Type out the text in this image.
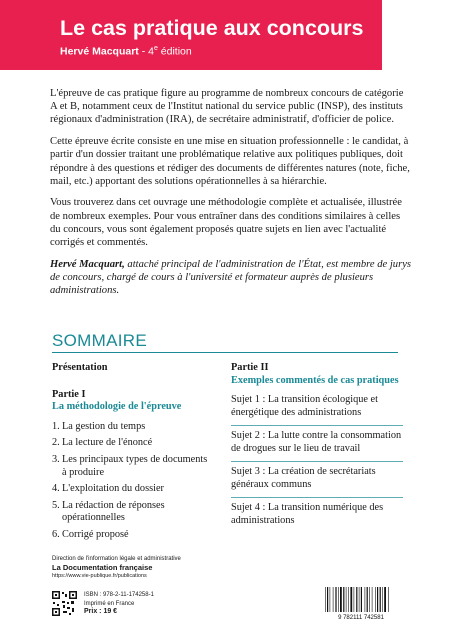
Le cas pratique aux concours
Hervé Macquart - 4e édition

L'épreuve de cas pratique figure au programme de nombreux concours de catégorie A et B, notamment ceux de l'Institut national du service public (INSP), des instituts régionaux d'administration (IRA), de secrétaire administratif, d'officier de police.

Cette épreuve écrite consiste en une mise en situation professionnelle : le candidat, à partir d'un dossier traitant une problématique relative aux politiques publiques, doit répondre à des questions et rédiger des documents de différentes natures (note, fiche, mail, etc.) apportant des solutions opérationnelles à sa hiérarchie.

Vous trouverez dans cet ouvrage une méthodologie complète et actualisée, illustrée de nombreux exemples. Pour vous entraîner dans des conditions similaires à celles du concours, vous sont également proposés quatre sujets en lien avec l'actualité corrigés et commentés.

Hervé Macquart, attaché principal de l'administration de l'État, est membre de jurys de concours, chargé de cours à l'université et formateur auprès de plusieurs administrations.

SOMMAIRE
Présentation
Partie I
La méthodologie de l'épreuve
1. La gestion du temps
2. La lecture de l'énoncé
3. Les principaux types de documents à produire
4. L'exploitation du dossier
5. La rédaction de réponses opérationnelles
6. Corrigé proposé
Partie II
Exemples commentés de cas pratiques
Sujet 1 : La transition écologique et énergétique des administrations
Sujet 2 : La lutte contre la consommation de drogues sur le lieu de travail
Sujet 3 : La création de secrétariats généraux communs
Sujet 4 : La transition numérique des administrations
Direction de l'information légale et administrative
La Documentation française
https://www.vie-publique.fr/publications
ISBN : 978-2-11-174258-1
Imprimé en France
Prix : 19 €
9 782111 742581
